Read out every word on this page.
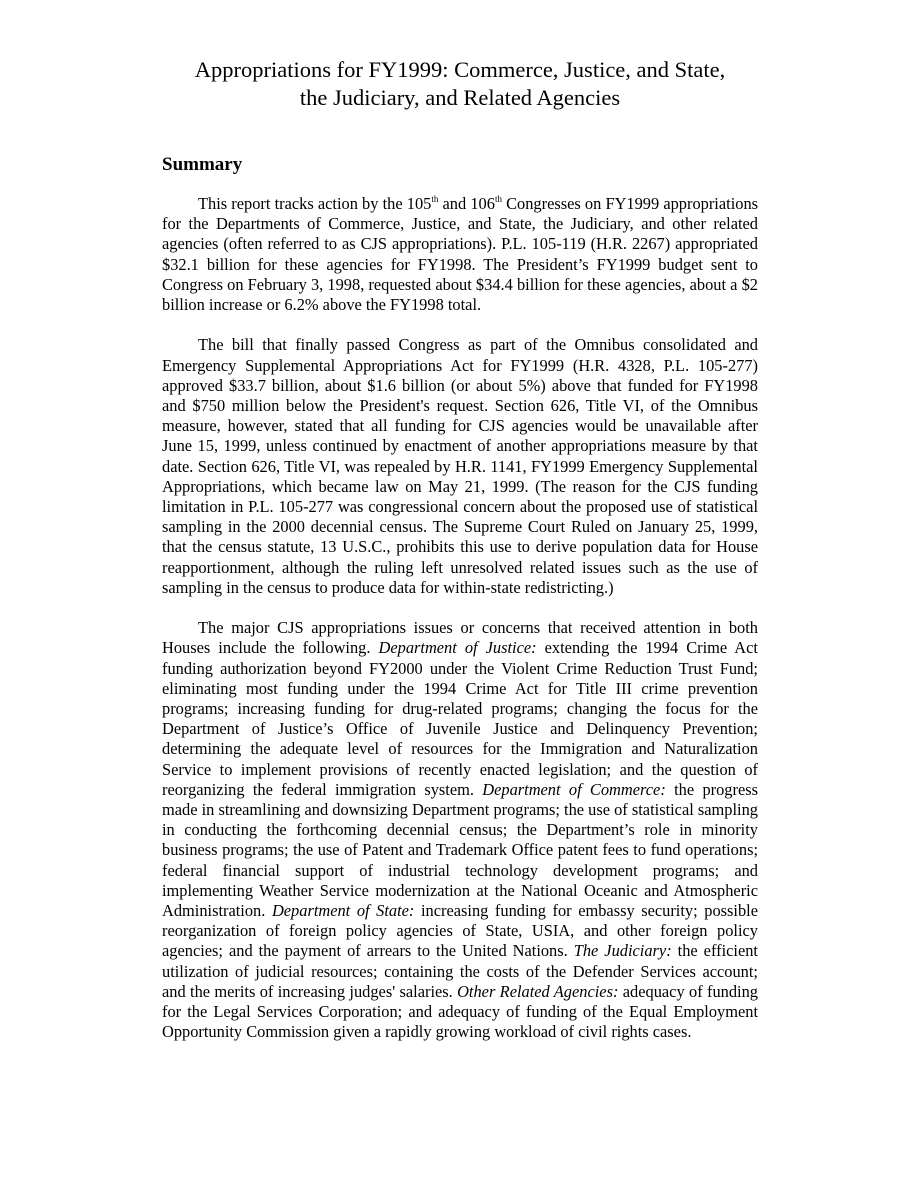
Appropriations for FY1999: Commerce, Justice, and State,
the Judiciary, and Related Agencies
Summary

This report tracks action by the 105th and 106th Congresses on FY1999 appropriations for the Departments of Commerce, Justice, and State, the Judiciary, and other related agencies (often referred to as CJS appropriations). P.L. 105-119 (H.R. 2267) appropriated $32.1 billion for these agencies for FY1998. The President’s FY1999 budget sent to Congress on February 3, 1998, requested about $34.4 billion for these agencies, about a $2 billion increase or 6.2% above the FY1998 total.

The bill that finally passed Congress as part of the Omnibus consolidated and Emergency Supplemental Appropriations Act for FY1999 (H.R. 4328, P.L. 105-277) approved $33.7 billion, about $1.6 billion (or about 5%) above that funded for FY1998 and $750 million below the President's request. Section 626, Title VI, of the Omnibus measure, however, stated that all funding for CJS agencies would be unavailable after June 15, 1999, unless continued by enactment of another appropriations measure by that date. Section 626, Title VI, was repealed by H.R. 1141, FY1999 Emergency Supplemental Appropriations, which became law on May 21, 1999. (The reason for the CJS funding limitation in P.L. 105-277 was congressional concern about the proposed use of statistical sampling in the 2000 decennial census. The Supreme Court Ruled on January 25, 1999, that the census statute, 13 U.S.C., prohibits this use to derive population data for House reapportionment, although the ruling left unresolved related issues such as the use of sampling in the census to produce data for within-state redistricting.)

The major CJS appropriations issues or concerns that received attention in both Houses include the following. Department of Justice: extending the 1994 Crime Act funding authorization beyond FY2000 under the Violent Crime Reduction Trust Fund; eliminating most funding under the 1994 Crime Act for Title III crime prevention programs; increasing funding for drug-related programs; changing the focus for the Department of Justice’s Office of Juvenile Justice and Delinquency Prevention; determining the adequate level of resources for the Immigration and Naturalization Service to implement provisions of recently enacted legislation; and the question of reorganizing the federal immigration system. Department of Commerce: the progress made in streamlining and downsizing Department programs; the use of statistical sampling in conducting the forthcoming decennial census; the Department’s role in minority business programs; the use of Patent and Trademark Office patent fees to fund operations; federal financial support of industrial technology development programs; and implementing Weather Service modernization at the National Oceanic and Atmospheric Administration. Department of State: increasing funding for embassy security; possible reorganization of foreign policy agencies of State, USIA, and other foreign policy agencies; and the payment of arrears to the United Nations. The Judiciary: the efficient utilization of judicial resources; containing the costs of the Defender Services account; and the merits of increasing judges' salaries. Other Related Agencies: adequacy of funding for the Legal Services Corporation; and adequacy of funding of the Equal Employment Opportunity Commission given a rapidly growing workload of civil rights cases.
